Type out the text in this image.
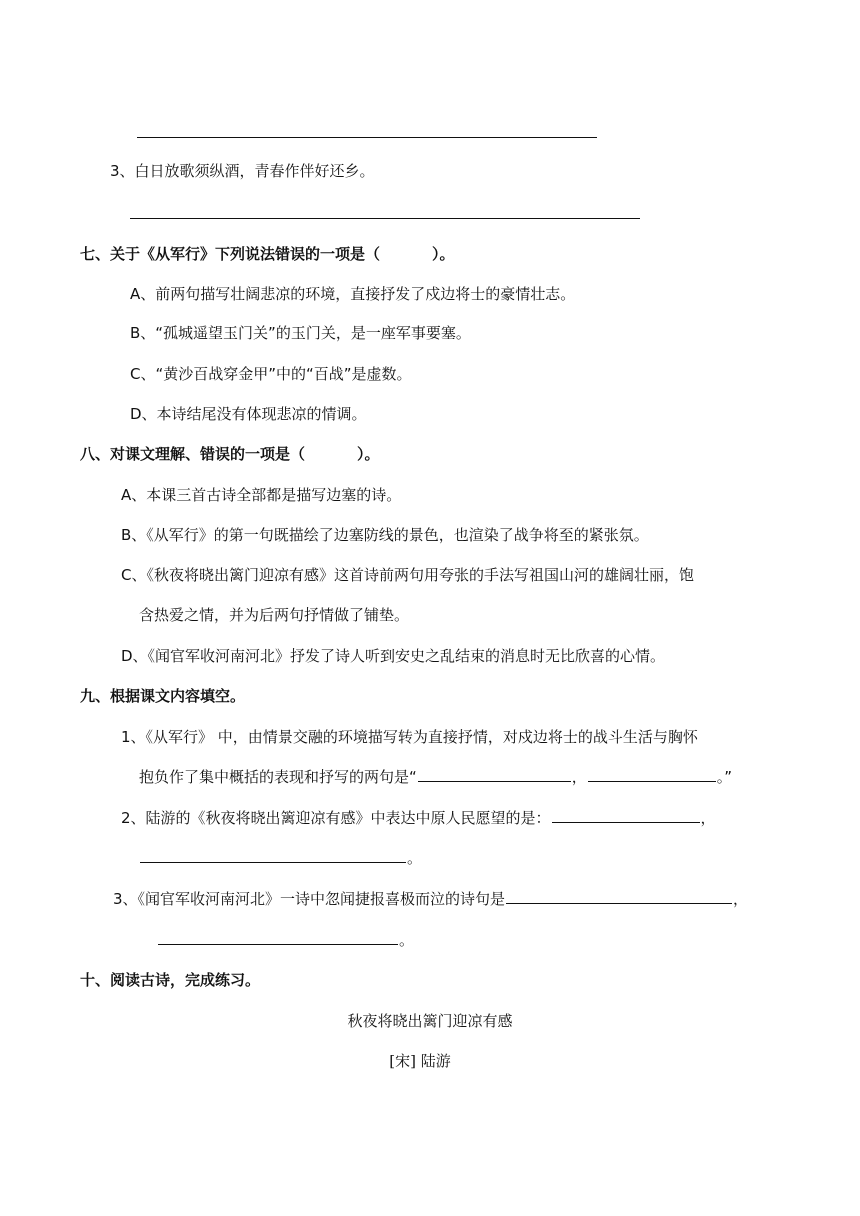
3、白日放歌须纵酒，青春作伴好还乡。
七、关于《从军行》下列说法错误的一项是（	）。
A、前两句描写壮阔悲凉的环境，直接抒发了戍边将士的豪情壮志。
B、“孤城遥望玉门关”的玉门关，是一座军事要塞。
C、“黄沙百战穿金甲”中的“百战”是虚数。
D、本诗结尾没有体现悲凉的情调。
八、对课文理解、错误的一项是（	）。
A、本课三首古诗全部都是描写边塞的诗。
B、《从军行》的第一句既描绘了边塞防线的景色，也渲染了战争将至的紧张氛。
C、《秋夜将晓出篱门迎凉有感》这首诗前两句用夸张的手法写祖国山河的雄阔壮丽，饱
含热爱之情，并为后两句抒情做了铺垫。
D、《闻官军收河南河北》抒发了诗人听到安史之乱结束的消息时无比欣喜的心情。
九、根据课文内容填空。
1、《从军行》 中，由情景交融的环境描写转为直接抒情，对戍边将士的战斗生活与胸怀
抱负作了集中概括的表现和抒写的两句是“	，	。”
2、陆游的《秋夜将晓出篱迎凉有感》中表达中原人民愿望的是：	，
。
3、《闻官军收河南河北》一诗中忽闻捷报喜极而泣的诗句是	，
。
十、阅读古诗，完成练习。
秋夜将晓出篱门迎凉有感
[宋] 陆游
